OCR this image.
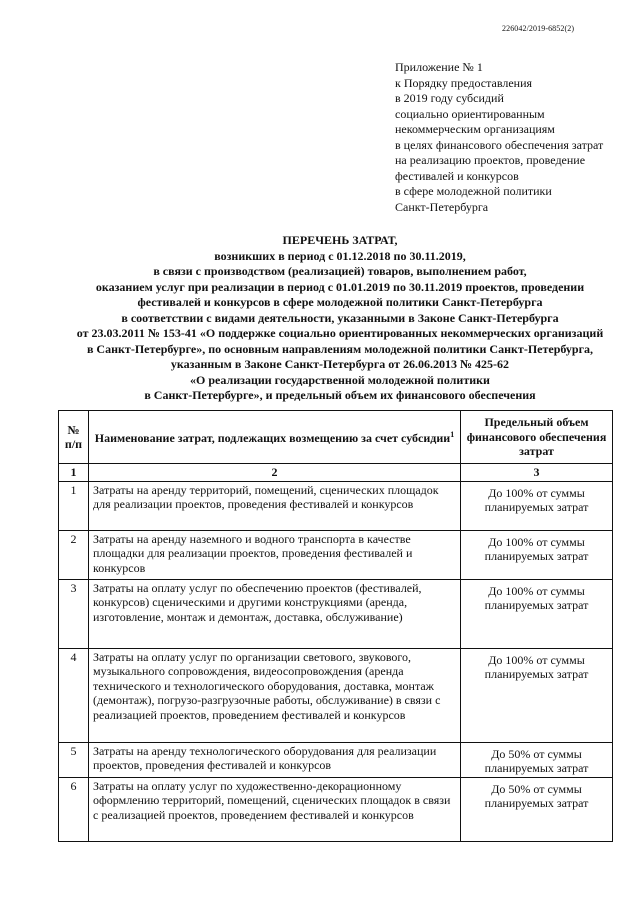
226042/2019-6852(2)
Приложение № 1
к Порядку предоставления
в 2019 году субсидий
социально ориентированным
некоммерческим организациям
в целях финансового обеспечения затрат
на реализацию проектов, проведение
фестивалей и конкурсов
в сфере молодежной политики
Санкт-Петербурга
ПЕРЕЧЕНЬ ЗАТРАТ,
возникших в период с 01.12.2018 по 30.11.2019,
в связи с производством (реализацией) товаров, выполнением работ,
оказанием услуг при реализации в период с 01.01.2019 по 30.11.2019 проектов, проведении
фестивалей и конкурсов в сфере молодежной политики Санкт-Петербурга
в соответствии с видами деятельности, указанными в Законе Санкт-Петербурга
от 23.03.2011 № 153-41 «О поддержке социально ориентированных некоммерческих организаций
в Санкт-Петербурге», по основным направлениям молодежной политики Санкт-Петербурга,
указанным в Законе Санкт-Петербурга от 26.06.2013 № 425-62
«О реализации государственной молодежной политики
в Санкт-Петербурге», и предельный объем их финансового обеспечения
№ п/п	Наименование затрат, подлежащих возмещению за счет субсидии$^1$	Предельный объем финансового обеспечения затрат
1	2	3
1	Затраты на аренду территорий, помещений, сценических площадок для реализации проектов, проведения фестивалей и конкурсов	До 100% от суммы планируемых затрат
2	Затраты на аренду наземного и водного транспорта в качестве площадки для реализации проектов, проведения фестивалей и конкурсов	До 100% от суммы планируемых затрат
3	Затраты на оплату услуг по обеспечению проектов (фестивалей, конкурсов) сценическими и другими конструкциями (аренда, изготовление, монтаж и демонтаж, доставка, обслуживание)	До 100% от суммы планируемых затрат
4	Затраты на оплату услуг по организации светового, звукового, музыкального сопровождения, видеосопровождения (аренда технического и технологического оборудования, доставка, монтаж (демонтаж), погрузо-разгрузочные работы, обслуживание) в связи с реализацией проектов, проведением фестивалей и конкурсов	До 100% от суммы планируемых затрат
5	Затраты на аренду технологического оборудования для реализации проектов, проведения фестивалей и конкурсов	До 50% от суммы планируемых затрат
6	Затраты на оплату услуг по художественно-декорационному оформлению территорий, помещений, сценических площадок в связи с реализацией проектов, проведением фестивалей и конкурсов	До 50% от суммы планируемых затрат
